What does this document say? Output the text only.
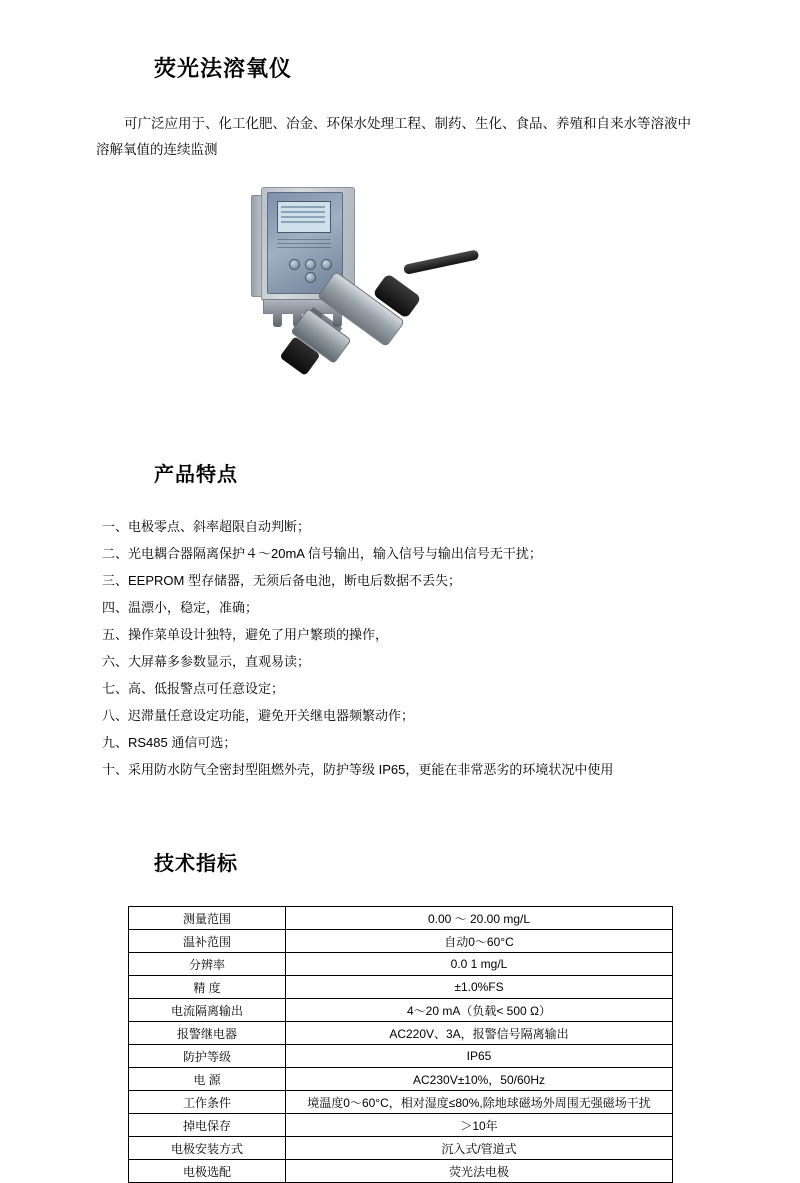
荧光法溶氧仪

可广泛应用于、化工化肥、冶金、环保水处理工程、制药、生化、食品、养殖和自来水等溶液中溶解氧值的连续监测

产品特点
一、电极零点、斜率超限自动判断；
二、光电耦合器隔离保护４～20mA 信号输出，输入信号与输出信号无干扰；
三、EEPROM 型存储器，无须后备电池，断电后数据不丢失；
四、温漂小，稳定，准确；
五、操作菜单设计独特，避免了用户繁琐的操作，
六、大屏幕多参数显示，直观易读；
七、高、低报警点可任意设定；
八、迟滞量任意设定功能，避免开关继电器频繁动作；
九、RS485 通信可选；
十、采用防水防气全密封型阻燃外壳，防护等级 IP65，更能在非常恶劣的环境状况中使用
技术指标
测量范围	0.00 ～ 20.00 mg/L
温补范围	自动0～60°C
分辨率	0.0 1 mg/L
精 度	±1.0%FS
电流隔离输出	4～20 mA（负载< 500 Ω）
报警继电器	AC220V、3A，报警信号隔离输出
防护等级	IP65
电 源	AC230V±10%，50/60Hz
工作条件	境温度0～60°C，相对湿度≤80%,除地球磁场外周围无强磁场干扰
掉电保存	＞10年
电极安装方式	沉入式/管道式
电极选配	荧光法电极
